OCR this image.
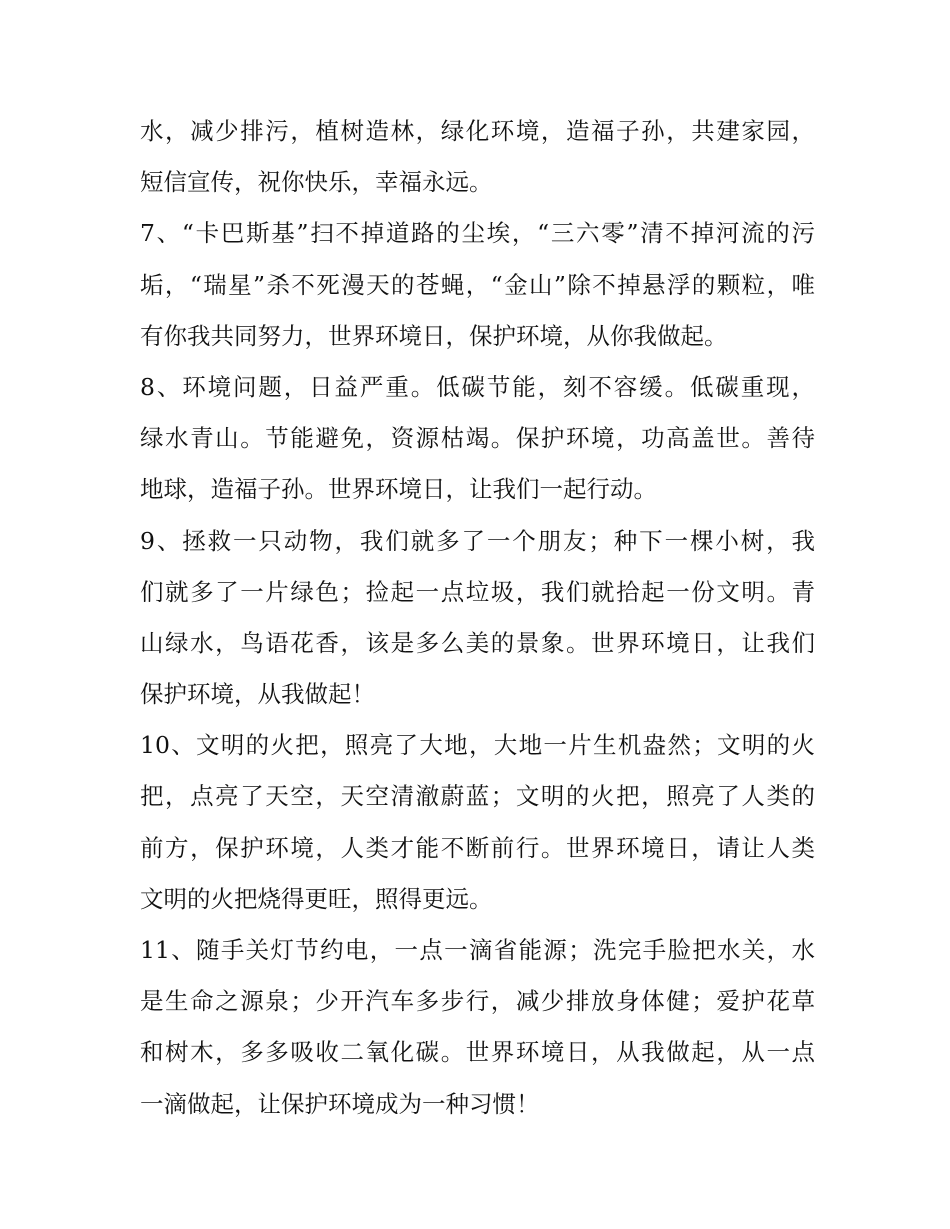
水，减少排污，植树造林，绿化环境，造福子孙，共建家园，
短信宣传，祝你快乐，幸福永远。
7、“卡巴斯基”扫不掉道路的尘埃，“三六零”清不掉河流的污
垢，“瑞星”杀不死漫天的苍蝇，“金山”除不掉悬浮的颗粒，唯
有你我共同努力，世界环境日，保护环境，从你我做起。
8、环境问题，日益严重。低碳节能，刻不容缓。低碳重现，
绿水青山。节能避免，资源枯竭。保护环境，功高盖世。善待
地球，造福子孙。世界环境日，让我们一起行动。
9、拯救一只动物，我们就多了一个朋友；种下一棵小树，我
们就多了一片绿色；捡起一点垃圾，我们就拾起一份文明。青
山绿水，鸟语花香，该是多么美的景象。世界环境日，让我们
保护环境，从我做起！
10、文明的火把，照亮了大地，大地一片生机盎然；文明的火
把，点亮了天空，天空清澈蔚蓝；文明的火把，照亮了人类的
前方，保护环境，人类才能不断前行。世界环境日，请让人类
文明的火把烧得更旺，照得更远。
11、随手关灯节约电，一点一滴省能源；洗完手脸把水关，水
是生命之源泉；少开汽车多步行，减少排放身体健；爱护花草
和树木，多多吸收二氧化碳。世界环境日，从我做起，从一点
一滴做起，让保护环境成为一种习惯！
